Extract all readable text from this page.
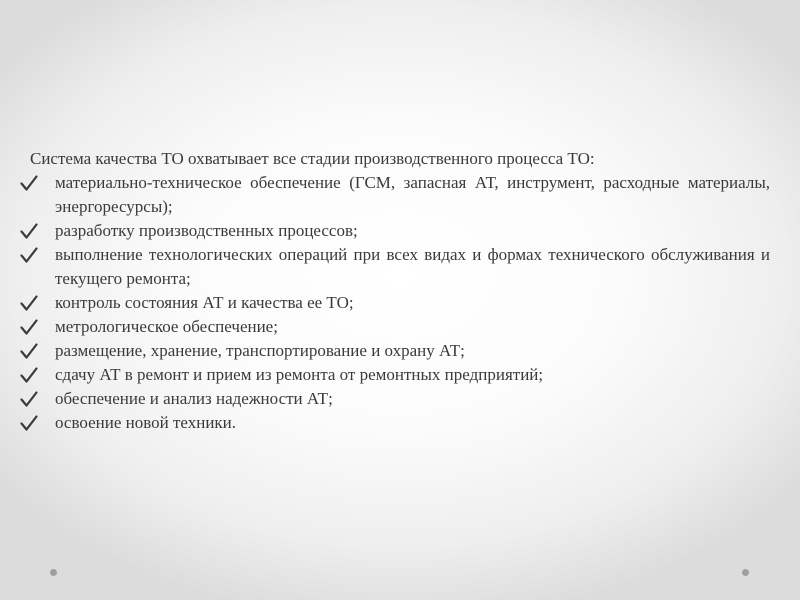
Система качества ТО охватывает все стадии производственного процесса ТО:
материально-техническое обеспечение (ГСМ, запасная АТ, инструмент, расходные материалы, энергоресурсы);
разработку производственных процессов;
выполнение технологических операций при всех видах и формах технического обслуживания и текущего ремонта;
контроль состояния АТ и качества ее ТО;
метрологическое обеспечение;
размещение, хранение, транспортирование и охрану АТ;
сдачу АТ в ремонт и прием из ремонта от ремонтных предприятий;
обеспечение и анализ надежности АТ;
освоение новой техники.
